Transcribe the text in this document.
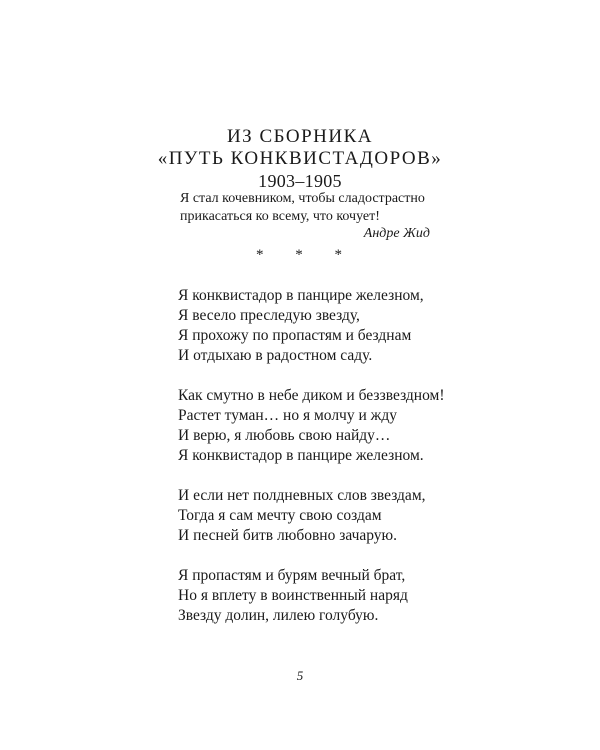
ИЗ СБОРНИКА
«ПУТЬ КОНКВИСТАДОРОВ»
1903–1905
Я стал кочевником, чтобы сладострастно
прикасаться ко всему, что кочует!
Андре Жид
* * *
Я конквистадор в панцире железном,
Я весело преследую звезду,
Я прохожу по пропастям и безднам
И отдыхаю в радостном саду.
Как смутно в небе диком и беззвездном!
Растет туман… но я молчу и жду
И верю, я любовь свою найду…
Я конквистадор в панцире железном.
И если нет полдневных слов звездам,
Тогда я сам мечту свою создам
И песней битв любовно зачарую.
Я пропастям и бурям вечный брат,
Но я вплету в воинственный наряд
Звезду долин, лилею голубую.
5
